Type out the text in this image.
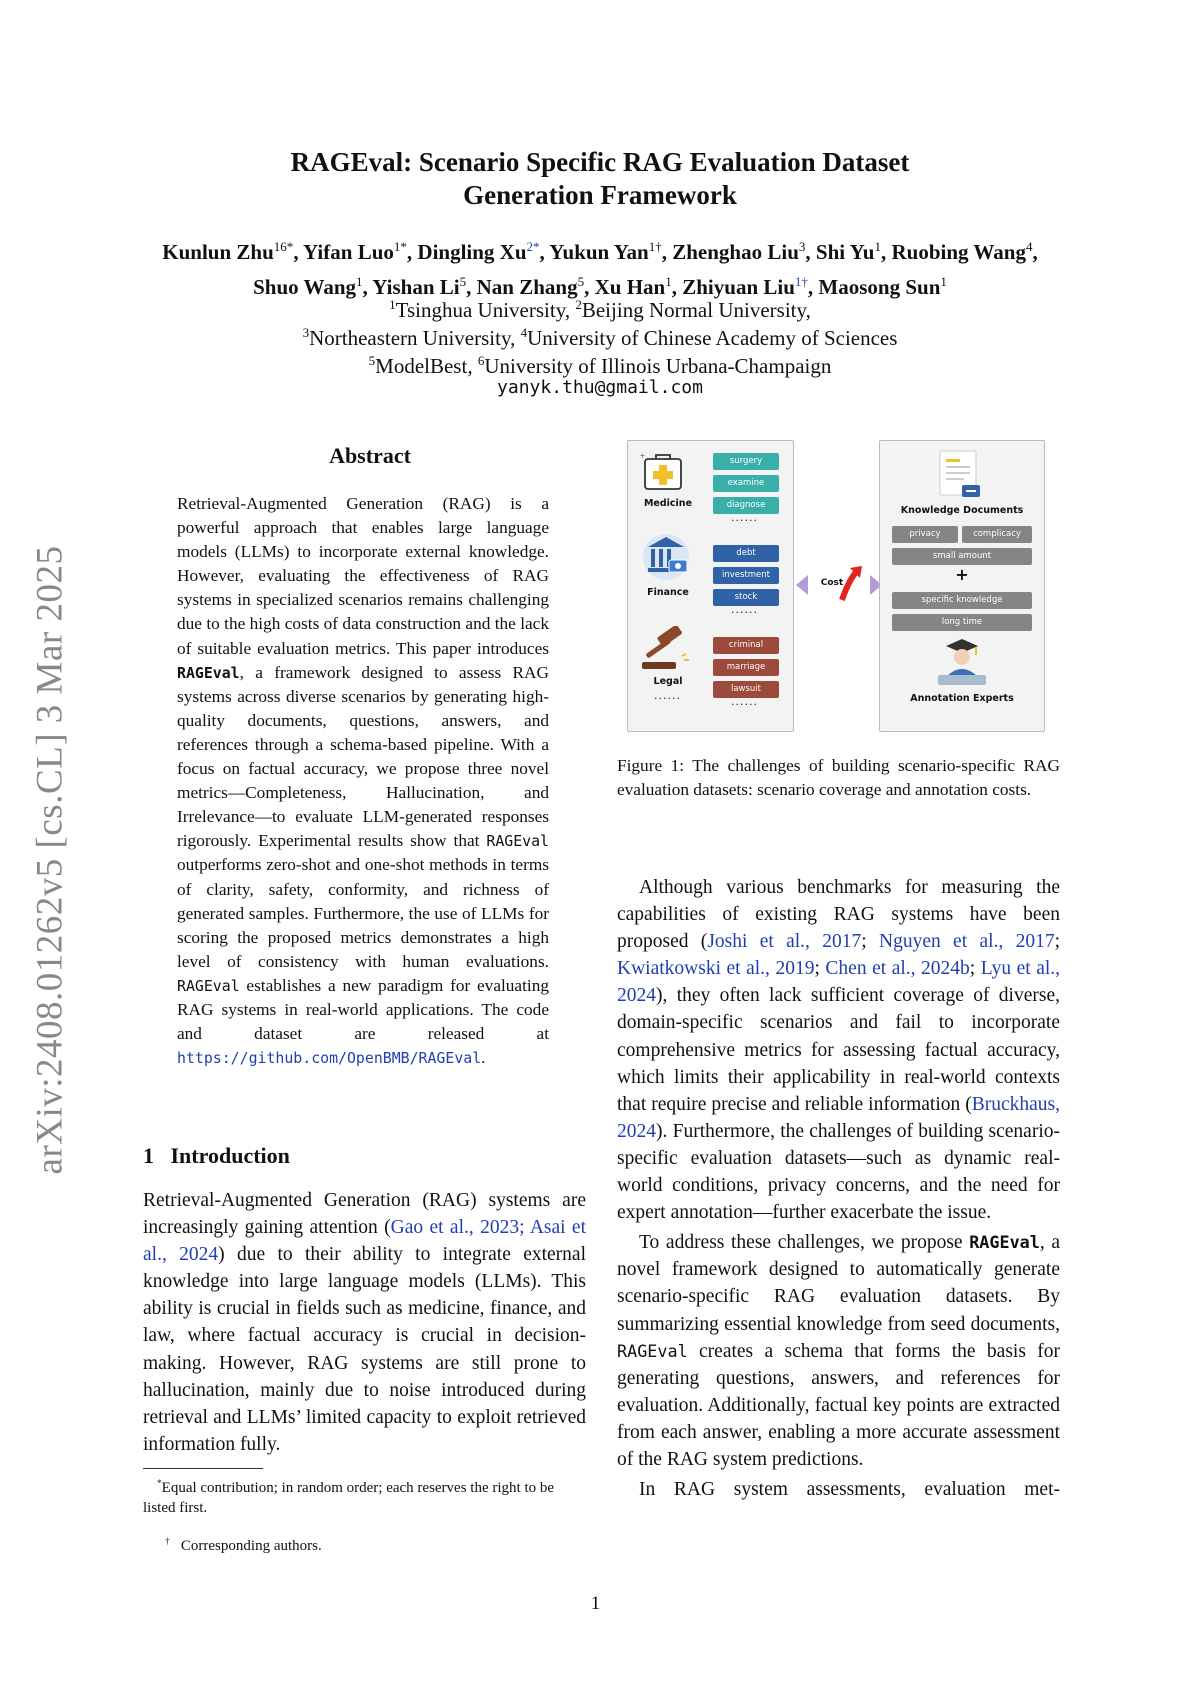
arXiv:2408.01262v5 [cs.CL] 3 Mar 2025
RAGEval: Scenario Specific RAG Evaluation Dataset
Generation Framework
Kunlun Zhu$^{16*}$, Yifan Luo$^{1*}$, Dingling $Xu^{2*}$, Yukun Yan$^{1\dagger}$, Zhenghao Liu$^3$, Shi Yu$^1$, Ruobing Wang$^4$,
Shuo Wang$^1$, Yishan Li$^5$, Nan Zhang$^5$, Xu Han$^1$, Zhiyuan Liu$^{1\dagger}$, Maosong Sun$^1$
$^1$Tsinghua University, $^2$Beijing Normal University,
$^3$Northeastern University, $^4$University of Chinese Academy of Sciences
$^5$ModelBest, $^6$University of Illinois Urbana-Champaign
yanyk.thu@gmail.com
Abstract
Retrieval-Augmented Generation (RAG) is a powerful approach that enables large language models (LLMs) to incorporate external knowledge. However, evaluating the effectiveness of RAG systems in specialized scenarios remains challenging due to the high costs of data construction and the lack of suitable evaluation metrics. This paper introduces RAGEval, a framework designed to assess RAG systems across diverse scenarios by generating high-quality documents, questions, answers, and references through a schema-based pipeline. With a focus on factual accuracy, we propose three novel metrics—Completeness, Hallucination, and Irrelevance—to evaluate LLM-generated responses rigorously. Experimental results show that RAGEval outperforms zero-shot and one-shot methods in terms of clarity, safety, conformity, and richness of generated samples. Furthermore, the use of LLMs for scoring the proposed metrics demonstrates a high level of consistency with human evaluations. RAGEval establishes a new paradigm for evaluating RAG systems in real-world applications. The code and dataset are released at https://github.com/OpenBMB/RAGEval.
1   Introduction

Retrieval-Augmented Generation (RAG) systems are increasingly gaining attention (Gao et al., 2023; Asai et al., 2024) due to their ability to integrate external knowledge into large language models (LLMs). This ability is crucial in fields such as medicine, finance, and law, where factual accuracy is crucial in decision-making. However, RAG systems are still prone to hallucination, mainly due to noise introduced during retrieval and LLMs’ limited capacity to exploit retrieved information fully.

*Equal contribution; in random order; each reserves the right to be listed first.
† Corresponding authors.
+
Medicine
surgery
examine
diagnose
......
Finance
debt
investment
stock
......
Legal
......
criminal
marriage
lawsuit
......
Cost
Knowledge Documents
privacy	complicacy
small amount
+
specific knowledge
long time
Annotation Experts
Figure 1: The challenges of building scenario-specific RAG evaluation datasets: scenario coverage and annotation costs.

Although various benchmarks for measuring the capabilities of existing RAG systems have been proposed (Joshi et al., 2017; Nguyen et al., 2017; Kwiatkowski et al., 2019; Chen et al., 2024b; Lyu et al., 2024), they often lack sufficient coverage of diverse, domain-specific scenarios and fail to incorporate comprehensive metrics for assessing factual accuracy, which limits their applicability in real-world contexts that require precise and reliable information (Bruckhaus, 2024). Furthermore, the challenges of building scenario-specific evaluation datasets—such as dynamic real-world conditions, privacy concerns, and the need for expert annotation—further exacerbate the issue.

To address these challenges, we propose RAGEval, a novel framework designed to automatically generate scenario-specific RAG evaluation datasets. By summarizing essential knowledge from seed documents, RAGEval creates a schema that forms the basis for generating questions, answers, and references for evaluation. Additionally, factual key points are extracted from each answer, enabling a more accurate assessment of the RAG system predictions.

In RAG system assessments, evaluation met-

1
